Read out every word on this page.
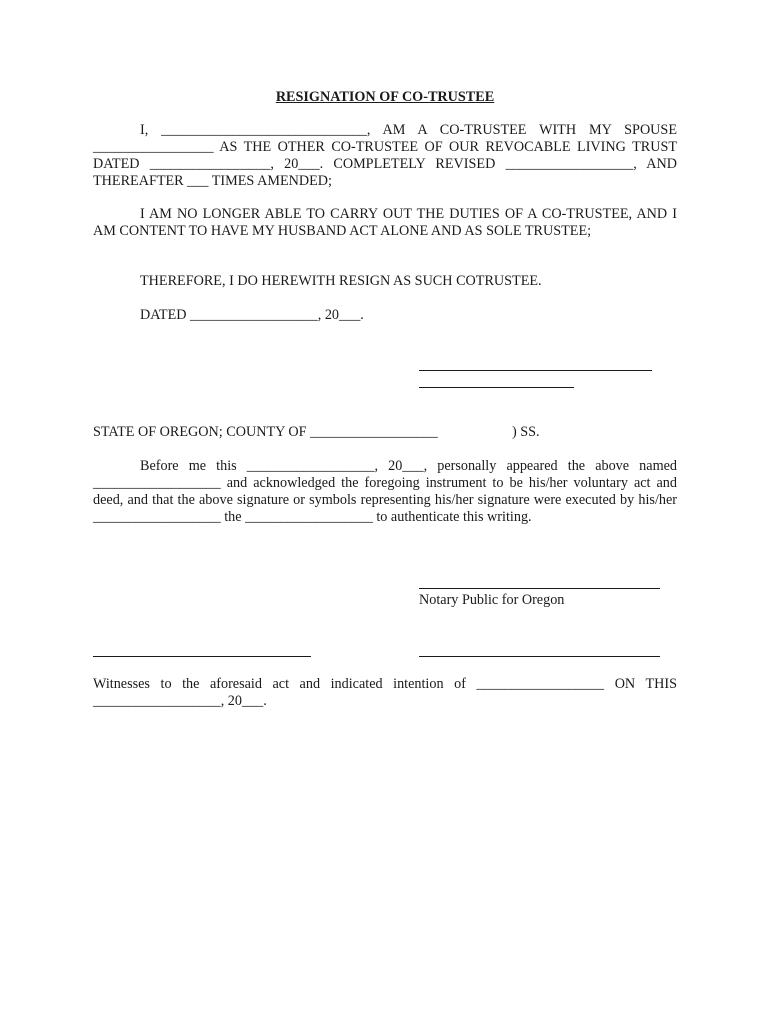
RESIGNATION OF CO-TRUSTEE

I, _____________________________, AM A CO-TRUSTEE WITH MY SPOUSE _________________ AS THE OTHER CO-TRUSTEE OF OUR REVOCABLE LIVING TRUST DATED _________________, 20___. COMPLETELY REVISED __________________, AND THEREAFTER ___ TIMES AMENDED;

I AM NO LONGER ABLE TO CARRY OUT THE DUTIES OF A CO-TRUSTEE, AND I AM CONTENT TO HAVE MY HUSBAND ACT ALONE AND AS SOLE TRUSTEE;

THEREFORE, I DO HEREWITH RESIGN AS SUCH COTRUSTEE.

DATED __________________, 20___.

STATE OF OREGON; COUNTY OF __________________	) SS.

Before me this __________________, 20___, personally appeared the above named __________________ and acknowledged the foregoing instrument to be his/her voluntary act and deed, and that the above signature or symbols representing his/her signature were executed by his/her __________________ the __________________ to authenticate this writing.

Notary Public for Oregon

Witnesses to the aforesaid act and indicated intention of __________________ ON THIS __________________, 20___.
